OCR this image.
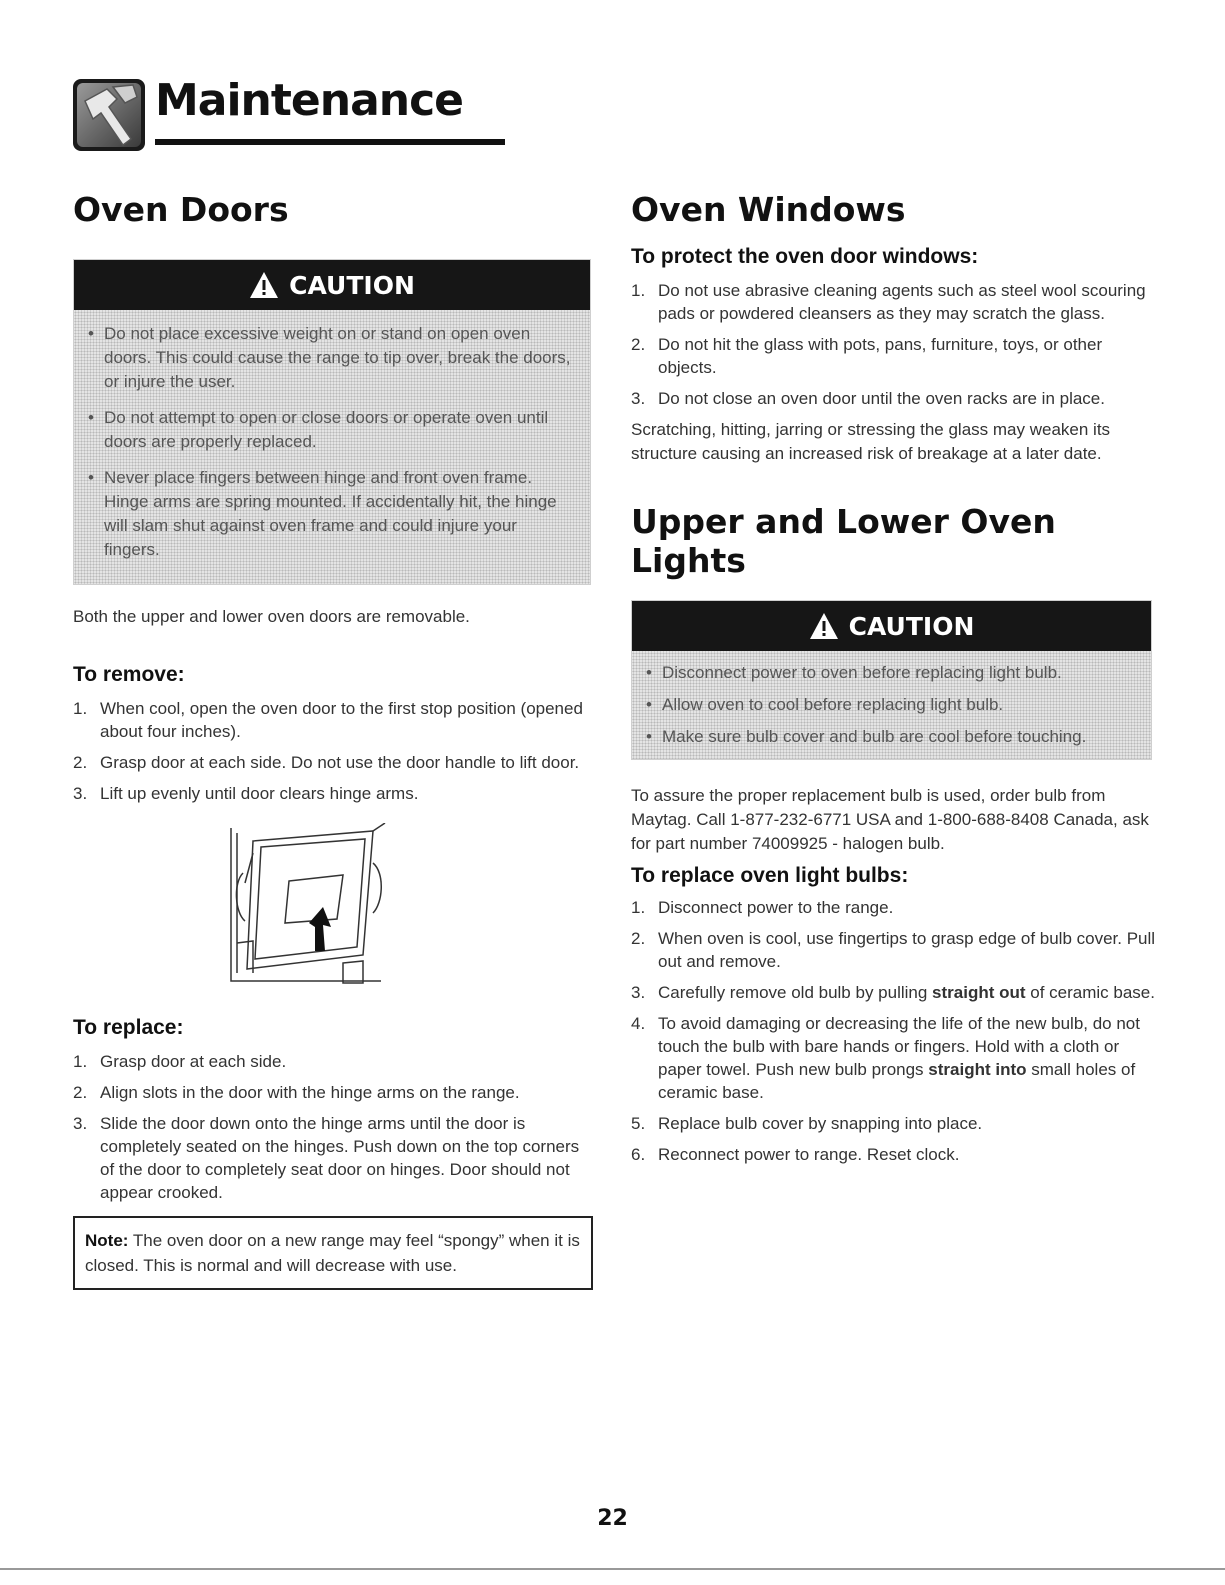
Maintenance
Oven Doors
CAUTION
• Do not place excessive weight on or stand on open oven doors. This could cause the range to tip over, break the doors, or injure the user.
• Do not attempt to open or close doors or operate oven until doors are properly replaced.
• Never place fingers between hinge and front oven frame. Hinge arms are spring mounted. If accidentally hit, the hinge will slam shut against oven frame and could injure your fingers.

Both the upper and lower oven doors are removable.

To remove:
1. When cool, open the oven door to the first stop position (opened about four inches).
2. Grasp door at each side. Do not use the door handle to lift door.
3. Lift up evenly until door clears hinge arms.
To replace:
1. Grasp door at each side.
2. Align slots in the door with the hinge arms on the range.
3. Slide the door down onto the hinge arms until the door is completely seated on the hinges. Push down on the top corners of the door to completely seat door on hinges. Door should not appear crooked.
Note: The oven door on a new range may feel “spongy” when it is closed. This is normal and will decrease with use.
Oven Windows
To protect the oven door windows:
1. Do not use abrasive cleaning agents such as steel wool scouring pads or powdered cleansers as they may scratch the glass.
2. Do not hit the glass with pots, pans, furniture, toys, or other objects.
3. Do not close an oven door until the oven racks are in place.

Scratching, hitting, jarring or stressing the glass may weaken its structure causing an increased risk of breakage at a later date.

Upper and Lower Oven Lights
CAUTION
• Disconnect power to oven before replacing light bulb.
• Allow oven to cool before replacing light bulb.
• Make sure bulb cover and bulb are cool before touching.

To assure the proper replacement bulb is used, order bulb from Maytag. Call 1-877-232-6771 USA and 1-800-688-8408 Canada, ask for part number 74009925 - halogen bulb.

To replace oven light bulbs:
1. Disconnect power to the range.
2. When oven is cool, use fingertips to grasp edge of bulb cover. Pull out and remove.
3. Carefully remove old bulb by pulling straight out of ceramic base.
4. To avoid damaging or decreasing the life of the new bulb, do not touch the bulb with bare hands or fingers. Hold with a cloth or paper towel. Push new bulb prongs straight into small holes of ceramic base.
5. Replace bulb cover by snapping into place.
6. Reconnect power to range. Reset clock.
22
